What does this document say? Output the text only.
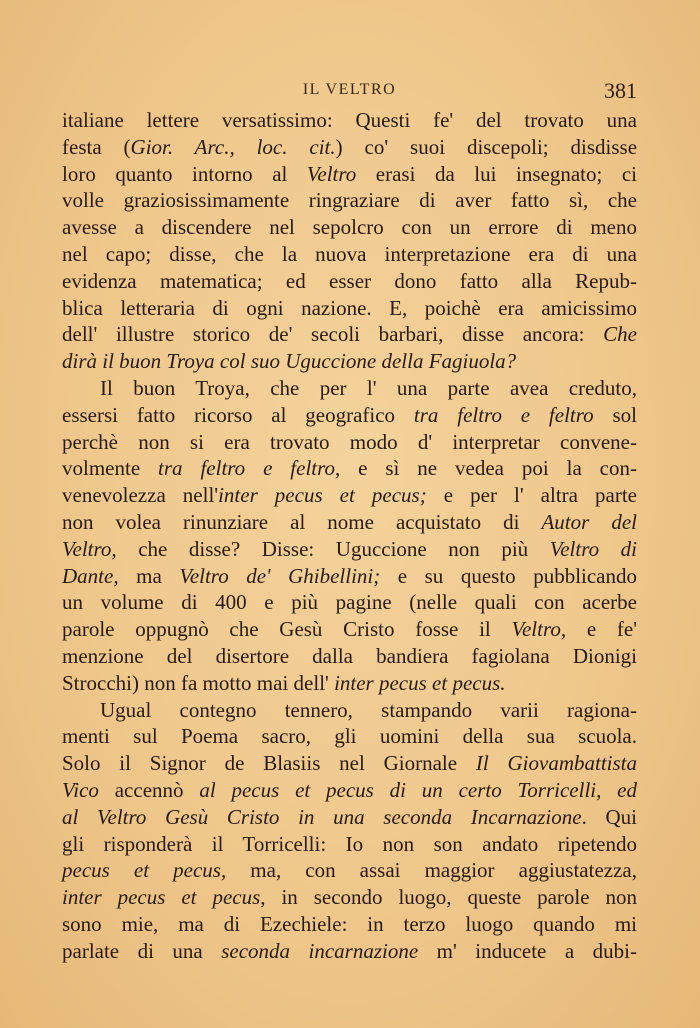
IL VELTRO	381
italiane lettere versatissimo: Questi fe' del trovato una
festa (Gior. Arc., loc. cit.) co' suoi discepoli; disdisse
loro quanto intorno al Veltro erasi da lui insegnato; ci
volle graziosissimamente ringraziare di aver fatto sì, che
avesse a discendere nel sepolcro con un errore di meno
nel capo; disse, che la nuova interpretazione era di una
evidenza matematica; ed esser dono fatto alla Repub-
blica letteraria di ogni nazione. E, poichè era amicissimo
dell' illustre storico de' secoli barbari, disse ancora: Che
dirà il buon Troya col suo Uguccione della Fagiuola?
Il buon Troya, che per l' una parte avea creduto,
essersi fatto ricorso al geografico tra feltro e feltro sol
perchè non si era trovato modo d' interpretar convene-
volmente tra feltro e feltro, e sì ne vedea poi la con-
venevolezza nell'inter pecus et pecus; e per l' altra parte
non volea rinunziare al nome acquistato di Autor del
Veltro, che disse? Disse: Uguccione non più Veltro di
Dante, ma Veltro de' Ghibellini; e su questo pubblicando
un volume di 400 e più pagine (nelle quali con acerbe
parole oppugnò che Gesù Cristo fosse il Veltro, e fe'
menzione del disertore dalla bandiera fagiolana Dionigi
Strocchi) non fa motto mai dell' inter pecus et pecus.
Ugual contegno tennero, stampando varii ragiona-
menti sul Poema sacro, gli uomini della sua scuola.
Solo il Signor de Blasiis nel Giornale Il Giovambattista
Vico accennò al pecus et pecus di un certo Torricelli, ed
al Veltro Gesù Cristo in una seconda Incarnazione. Qui
gli risponderà il Torricelli: Io non son andato ripetendo
pecus et pecus, ma, con assai maggior aggiustatezza,
inter pecus et pecus, in secondo luogo, queste parole non
sono mie, ma di Ezechiele: in terzo luogo quando mi
parlate di una seconda incarnazione m' inducete a dubi-
